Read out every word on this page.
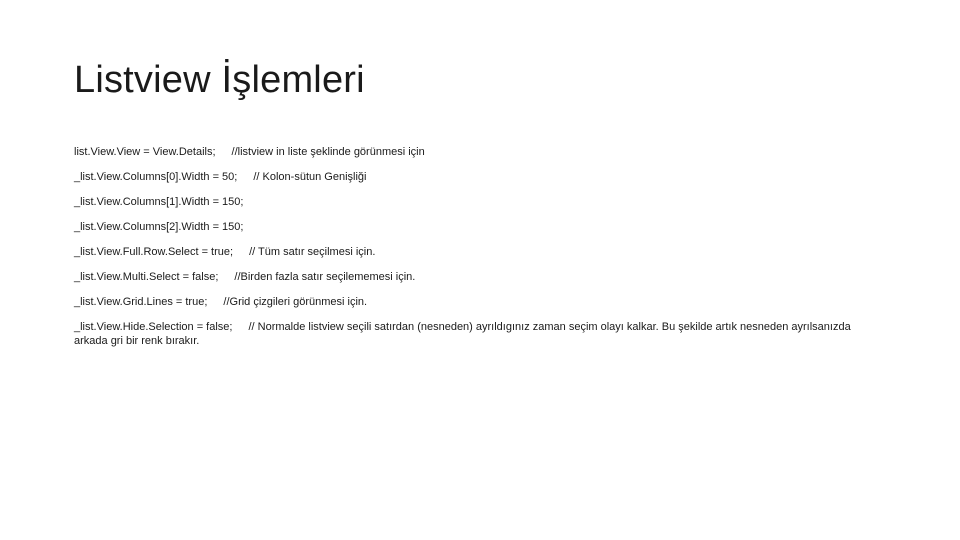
Listview İşlemleri

list.View.View = View.Details; //listview in liste şeklinde görünmesi için

_list.View.Columns[0].Width = 50; // Kolon-sütun Genişliği

_list.View.Columns[1].Width = 150;

_list.View.Columns[2].Width = 150;

_list.View.Full.Row.Select = true; // Tüm satır seçilmesi için.

_list.View.Multi.Select = false; //Birden fazla satır seçilememesi için.

_list.View.Grid.Lines = true; //Grid çizgileri görünmesi için.

_list.View.Hide.Selection = false; // Normalde listview seçili satırdan (nesneden) ayrıldıgınız zaman seçim olayı kalkar. Bu şekilde artık nesneden ayrılsanızda arkada gri bir renk bırakır.
